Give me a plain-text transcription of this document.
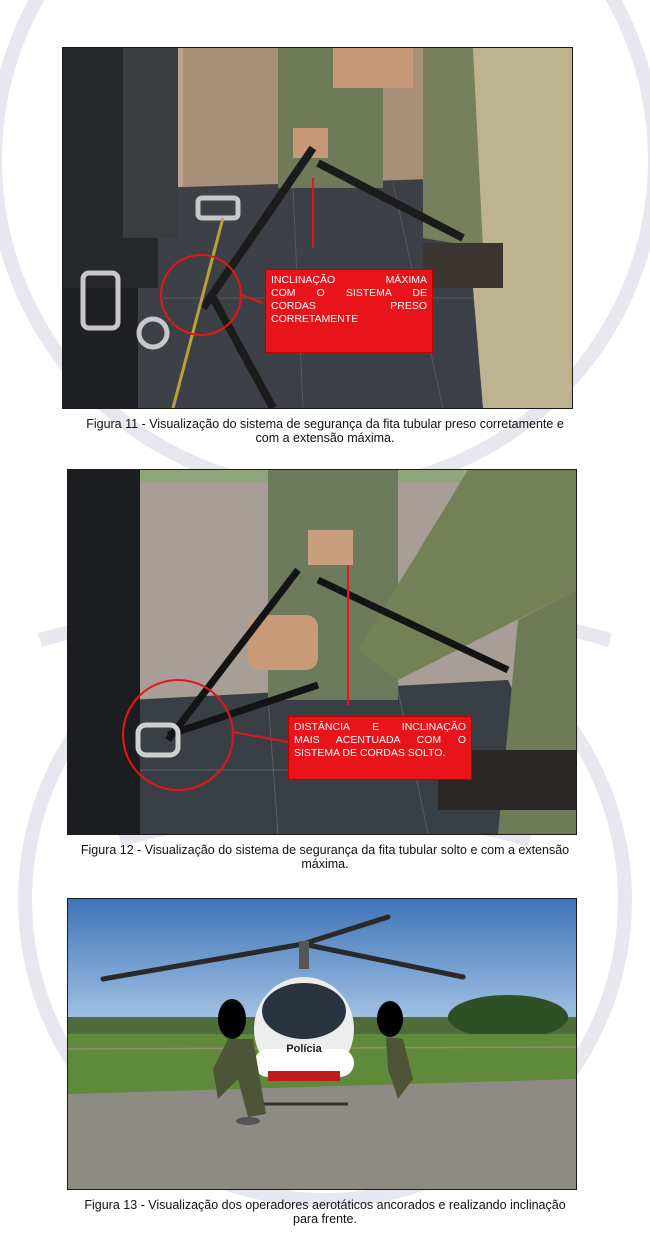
INCLINAÇÃO MÁXIMA
COM O SISTEMA DE
CORDAS PRESO
CORRETAMENTE
Figura 11 - Visualização do sistema de segurança da fita tubular preso corretamente e
com a extensão máxima.
DISTÂNCIA E INCLINAÇÃO
MAIS ACENTUADA COM O
SISTEMA DE CORDAS SOLTO.
Figura 12 - Visualização do sistema de segurança da fita tubular solto e com a extensão
máxima.
Polícia
Figura 13 - Visualização dos operadores aerotáticos ancorados e realizando inclinação
para frente.
